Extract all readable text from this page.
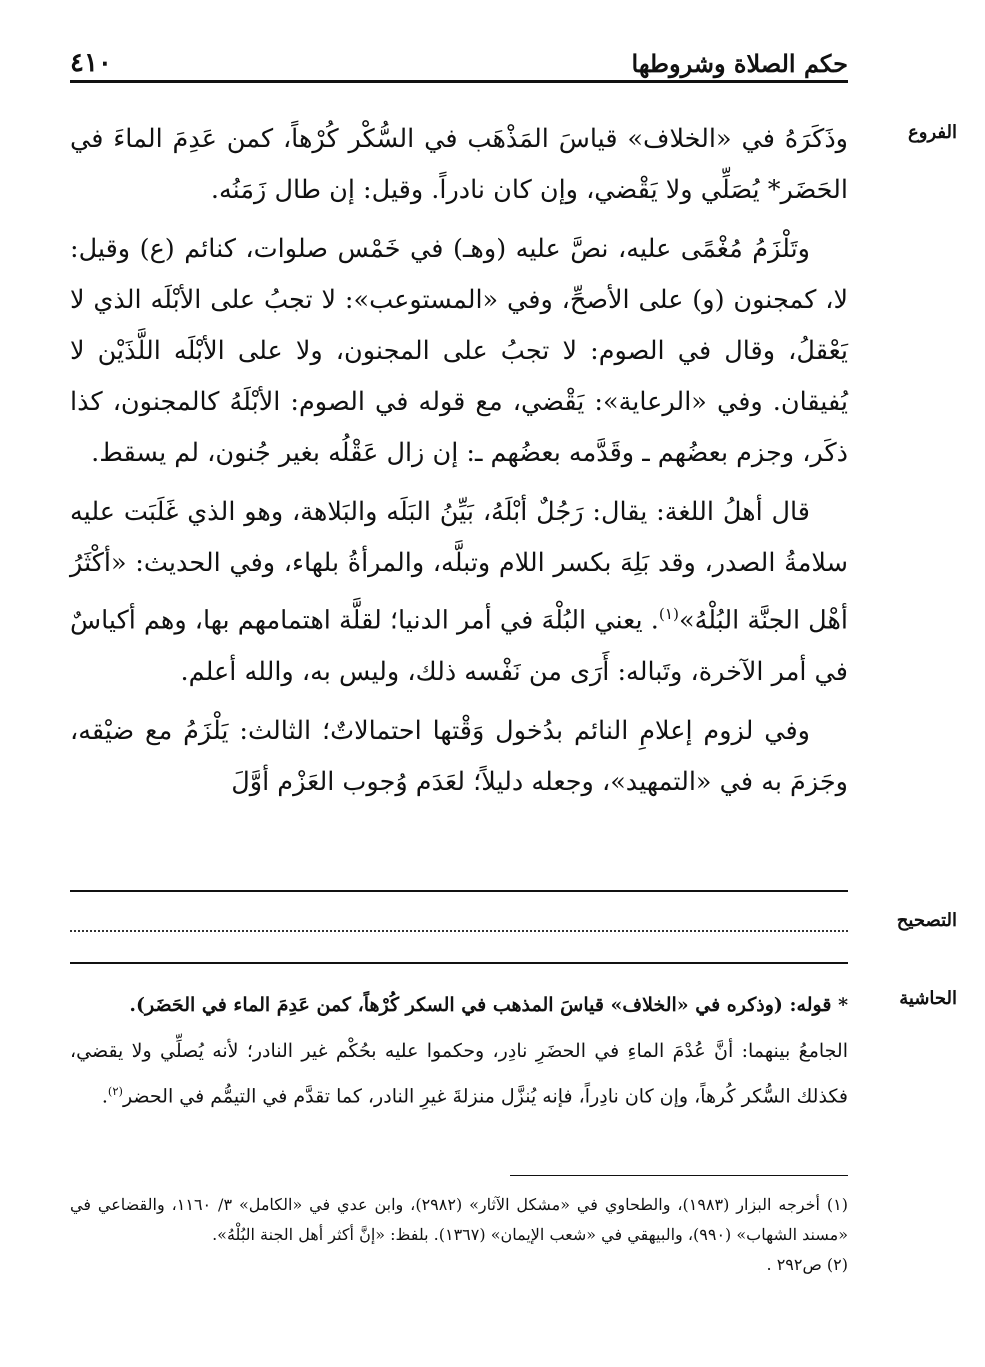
حكم الصلاة وشروطها
٤١٠
الفروع

وذَكَرَهُ في «الخلاف» قياسَ المَذْهَب في السُّكْر كُرْهاً، كمن عَدِمَ الماءَ في الحَضَر* يُصَلِّي ولا يَقْضي، وإن كان نادراً. وقيل: إن طال زَمَنُه.

وتَلْزَمُ مُغْمًى عليه، نصَّ عليه (وهـ) في خَمْس صلوات، كنائم (ع) وقيل: لا، كمجنون (و) على الأصحِّ، وفي «المستوعب»: لا تجبُ على الأبْلَه الذي لا يَعْقلُ، وقال في الصوم: لا تجبُ على المجنون، ولا على الأبْلَه اللَّذَيْن لا يُفيقان. وفي «الرعاية»: يَقْضي، مع قوله في الصوم: الأبْلَهُ كالمجنون، كذا ذكَر، وجزم بعضُهم ـ وقَدَّمه بعضُهم ـ: إن زال عَقْلُه بغير جُنون، لم يسقط.

قال أهلُ اللغة: يقال: رَجُلٌ أبْلَهُ، بَيِّنُ البَلَه والبَلاهة، وهو الذي غَلَبَت عليه سلامةُ الصدر، وقد بَلِهَ بكسر اللام وتبلَّه، والمرأةُ بلهاء، وفي الحديث: «أكْثَرُ أهْل الجنَّة البُلْهُ»$^{(١)}$. يعني البُلْهَ في أمر الدنيا؛ لقلَّة اهتمامهم بها، وهم أكياسٌ في أمر الآخرة، وتَباله: أَرَى من نَفْسه ذلك، وليس به، والله أعلم.

وفي لزوم إعلامِ النائم بدُخول وَقْتها احتمالاتٌ؛ الثالث: يَلْزَمُ مع ضيْقه، وجَزمَ به في «التمهيد»، وجعله دليلاً؛ لعَدَم وُجوب العَزْم أوَّلَ

التصحيح
الحاشية

* قوله: (وذكره في «الخلاف» قياسَ المذهب في السكر كُرْهاً، كمن عَدِمَ الماء في الحَضَر).

الجامعُ بينهما: أنَّ عُدْمَ الماءِ في الحضَرِ نادِر، وحكموا عليه بحُكْم غير النادر؛ لأنه يُصلِّي ولا يقضي، فكذلك السُّكر كُرهاً، وإن كان نادِراً، فإنه يُنزَّل منزلةَ غيرِ النادر، كما تقدَّم في التيمُّم في الحضر$^{(٢)}$.

(١) أخرجه البزار (١٩٨٣)، والطحاوي في «مشكل الآثار» (٢٩٨٢)، وابن عدي في «الكامل» ٣/ ١١٦٠، والقضاعي في «مسند الشهاب» (٩٩٠)، والبيهقي في «شعب الإيمان» (١٣٦٧). بلفظ: «إنَّ أكثر أهل الجنة البُلْهُ».

(٢) ص٢٩٢ .
